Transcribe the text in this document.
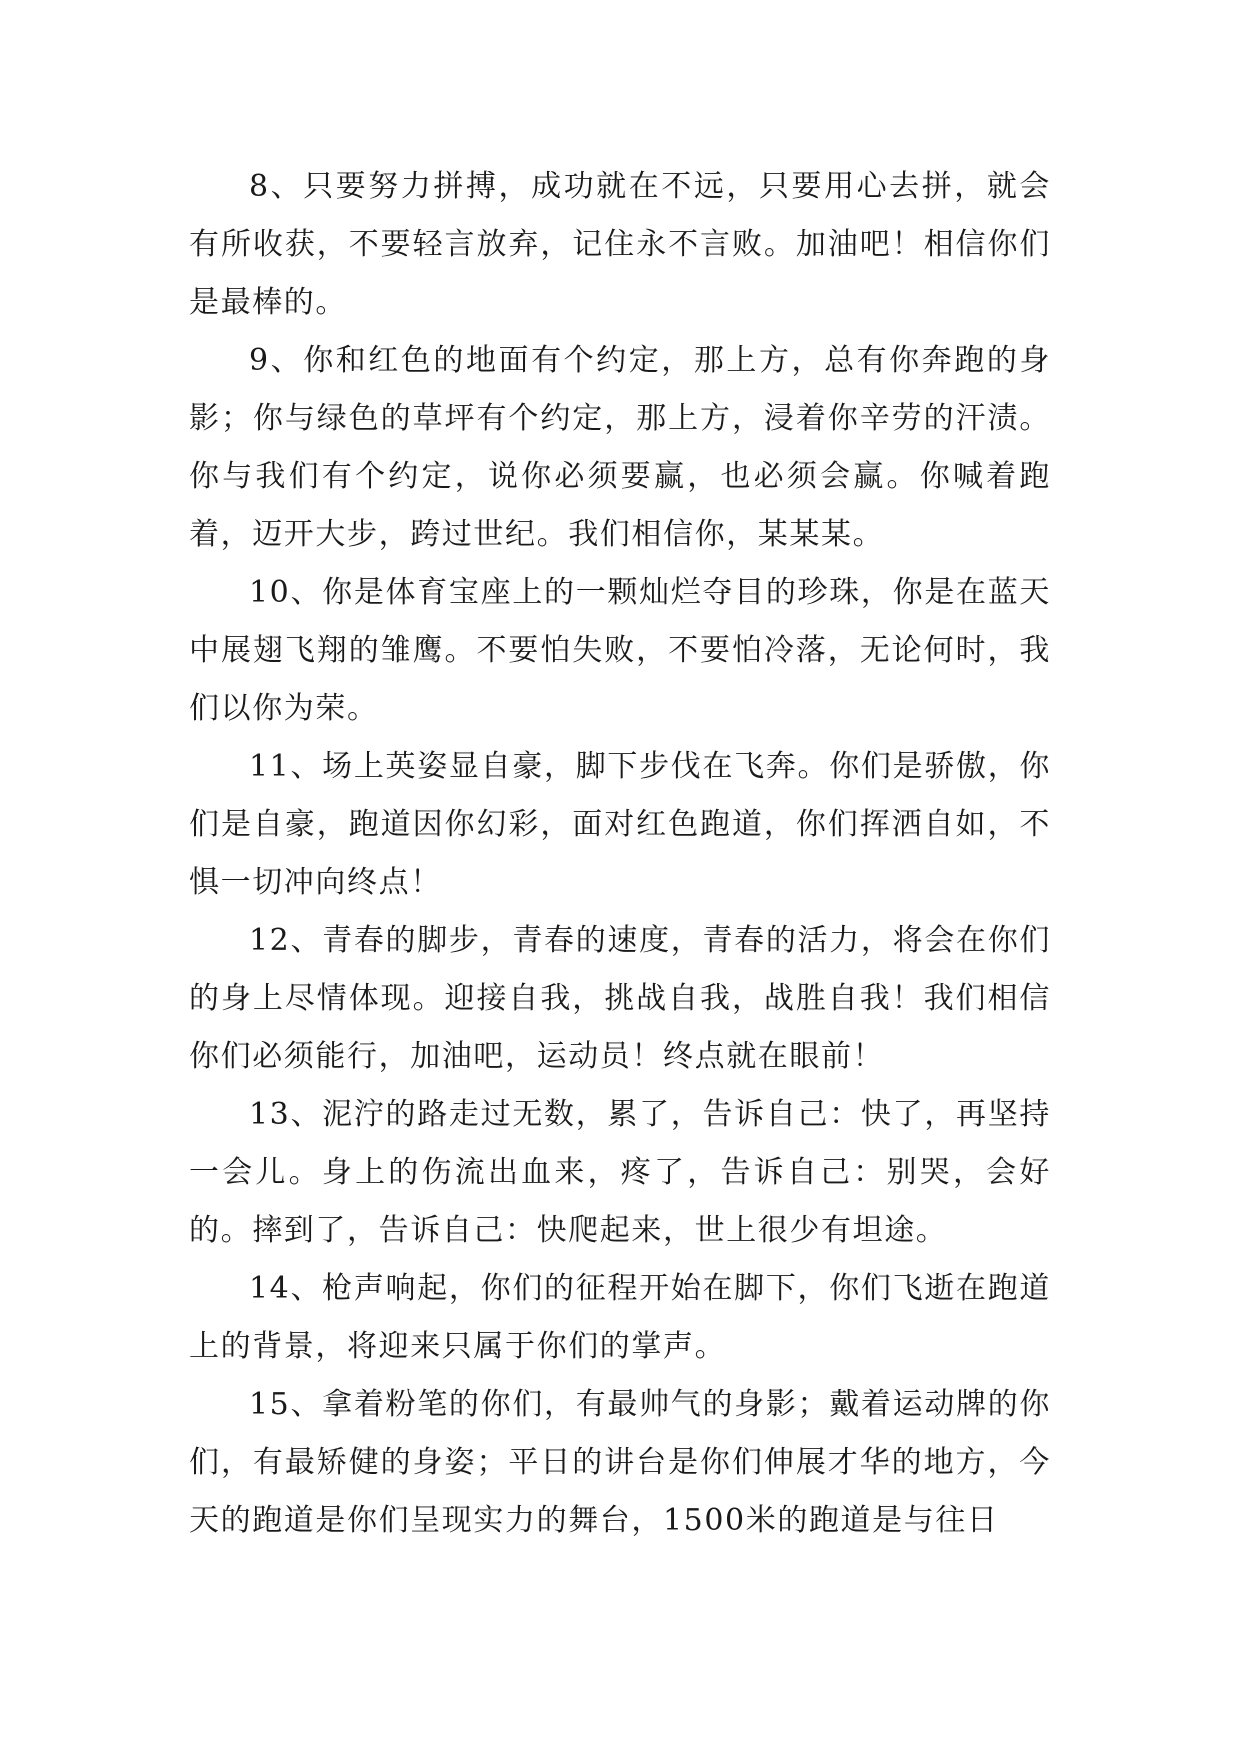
8、只要努力拼搏，成功就在不远，只要用心去拼，就会有所收获，不要轻言放弃，记住永不言败。加油吧！相信你们是最棒的。

9、你和红色的地面有个约定，那上方，总有你奔跑的身影；你与绿色的草坪有个约定，那上方，浸着你辛劳的汗渍。你与我们有个约定，说你必须要赢，也必须会赢。你喊着跑着，迈开大步，跨过世纪。我们相信你，某某某。

10、你是体育宝座上的一颗灿烂夺目的珍珠，你是在蓝天中展翅飞翔的雏鹰。不要怕失败，不要怕冷落，无论何时，我们以你为荣。

11、场上英姿显自豪，脚下步伐在飞奔。你们是骄傲，你们是自豪，跑道因你幻彩，面对红色跑道，你们挥洒自如，不惧一切冲向终点！

12、青春的脚步，青春的速度，青春的活力，将会在你们的身上尽情体现。迎接自我，挑战自我，战胜自我！我们相信你们必须能行，加油吧，运动员！终点就在眼前！

13、泥泞的路走过无数，累了，告诉自己：快了，再坚持一会儿。身上的伤流出血来，疼了，告诉自己：别哭，会好的。摔到了，告诉自己：快爬起来，世上很少有坦途。

14、枪声响起，你们的征程开始在脚下，你们飞逝在跑道上的背景，将迎来只属于你们的掌声。

15、拿着粉笔的你们，有最帅气的身影；戴着运动牌的你们，有最矫健的身姿；平日的讲台是你们伸展才华的地方，今天的跑道是你们呈现实力的舞台，1500米的跑道是与往日
